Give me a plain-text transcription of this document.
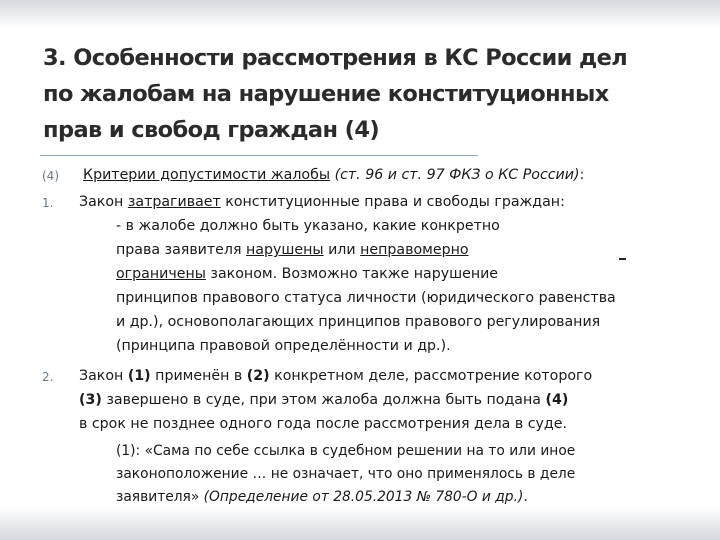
3. Особенности рассмотрения в КС России дел
по жалобам на нарушение конституционных
прав и свобод граждан (4)
(4) Критерии допустимости жалобы (ст. 96 и ст. 97 ФКЗ о КС России):
1. Закон затрагивает конституционные права и свободы граждан:
- в жалобе должно быть указано, какие конкретно
права заявителя нарушены или неправомерно
ограничены законом. Возможно также нарушение
принципов правового статуса личности (юридического равенства
и др.), основополагающих принципов правового регулирования
(принципа правовой определённости и др.).
2. Закон (1) применён в (2) конкретном деле, рассмотрение которого
(3) завершено в суде, при этом жалоба должна быть подана (4)
в срок не позднее одного года после рассмотрения дела в суде.
(1): «Сама по себе ссылка в судебном решении на то или иное
законоположение … не означает, что оно применялось в деле
заявителя» (Определение от 28.05.2013 № 780-О и др.).
